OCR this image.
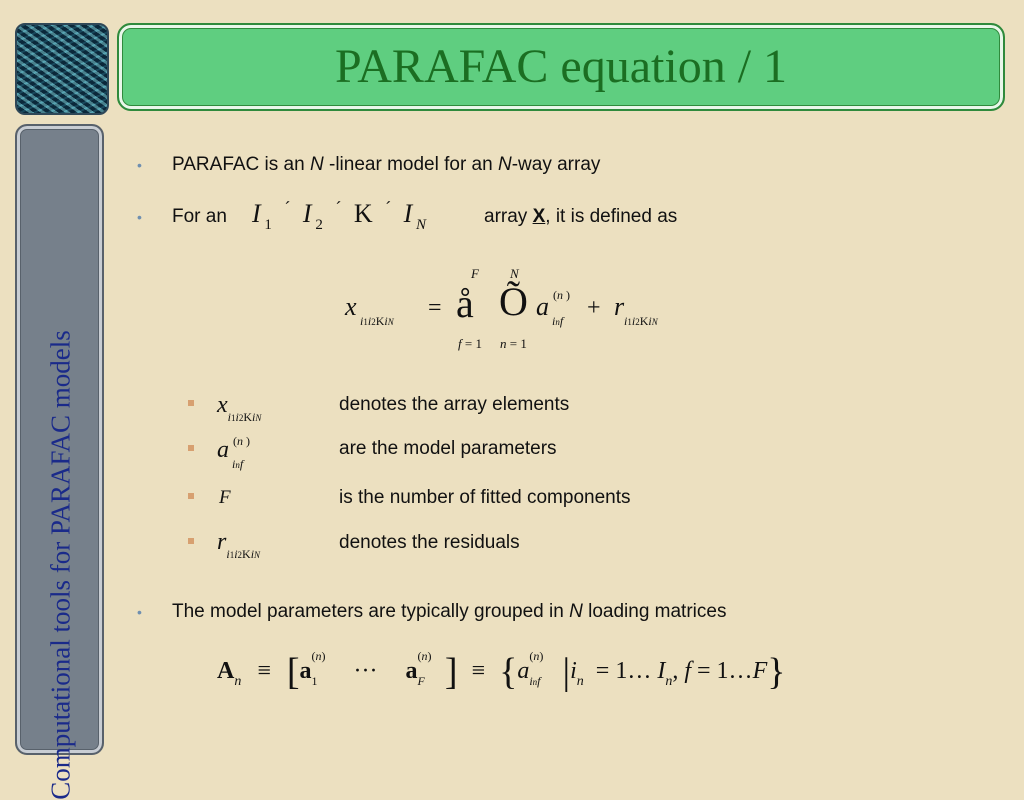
PARAFAC equation / 1
Computational tools for PARAFAC models
• PARAFAC is an N -linear model for an N-way array
• For an I $_1$ ´ I $_2$ ´ K ´ I $_N$	array X, it is defined as
x i1i2KiN
=
F
å
f = 1
N
Õ
n = 1
a (n )
inf + r i1i2KiN
$x_{i1i2KiN}$
denotes the array elements
a (n )
inf
are the model parameters
F	is the number of fitted components
$r_{i1i2KiN}$
denotes the residuals
• The model parameters are typically grouped in N loading matrices
$A_n \equiv [a$
(n)
1 ··· a
(n)
F ] ≡ {a
(n)
inf $|i_n$ = 1… $I_n$, f = 1…F}
